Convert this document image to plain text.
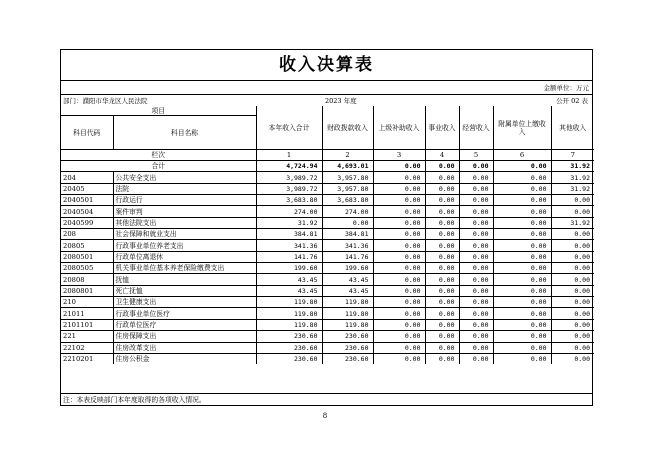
收入决算表
金额单位：万元
部门：濮阳市华龙区人民法院	2023 年度	公开 02 表
项目		本年收入合计	财政拨款收入	上级补助收入	事业收入	经营收入	附属单位上缴收入	其他收入
科目代码	科目名称							
栏次		1	2	3	4	5	6	7
合计		4,724.94	4,693.01	0.00	0.00	0.00	0.00	31.92
204	公共安全支出	3,989.72	3,957.80	0.00	0.00	0.00	0.00	31.92
20405	法院	3,989.72	3,957.80	0.00	0.00	0.00	0.00	31.92
2040501	行政运行	3,683.80	3,683.80	0.00	0.00	0.00	0.00	0.00
2040504	案件审判	274.00	274.00	0.00	0.00	0.00	0.00	0.00
2040599	其他法院支出	31.92	0.00	0.00	0.00	0.00	0.00	31.92
208	社会保障和就业支出	384.81	384.81	0.00	0.00	0.00	0.00	0.00
20805	行政事业单位养老支出	341.36	341.36	0.00	0.00	0.00	0.00	0.00
2080501	行政单位离退休	141.76	141.76	0.00	0.00	0.00	0.00	0.00
2080505	机关事业单位基本养老保险缴费支出	199.60	199.60	0.00	0.00	0.00	0.00	0.00
20808	抚恤	43.45	43.45	0.00	0.00	0.00	0.00	0.00
2080801	死亡抚恤	43.45	43.45	0.00	0.00	0.00	0.00	0.00
210	卫生健康支出	119.80	119.80	0.00	0.00	0.00	0.00	0.00
21011	行政事业单位医疗	119.80	119.80	0.00	0.00	0.00	0.00	0.00
2101101	行政单位医疗	119.80	119.80	0.00	0.00	0.00	0.00	0.00
221	住房保障支出	230.60	230.60	0.00	0.00	0.00	0.00	0.00
22102	住房改革支出	230.60	230.60	0.00	0.00	0.00	0.00	0.00
2210201	住房公积金	230.60	230.60	0.00	0.00	0.00	0.00	0.00
注：本表反映部门本年度取得的各项收入情况。
8
